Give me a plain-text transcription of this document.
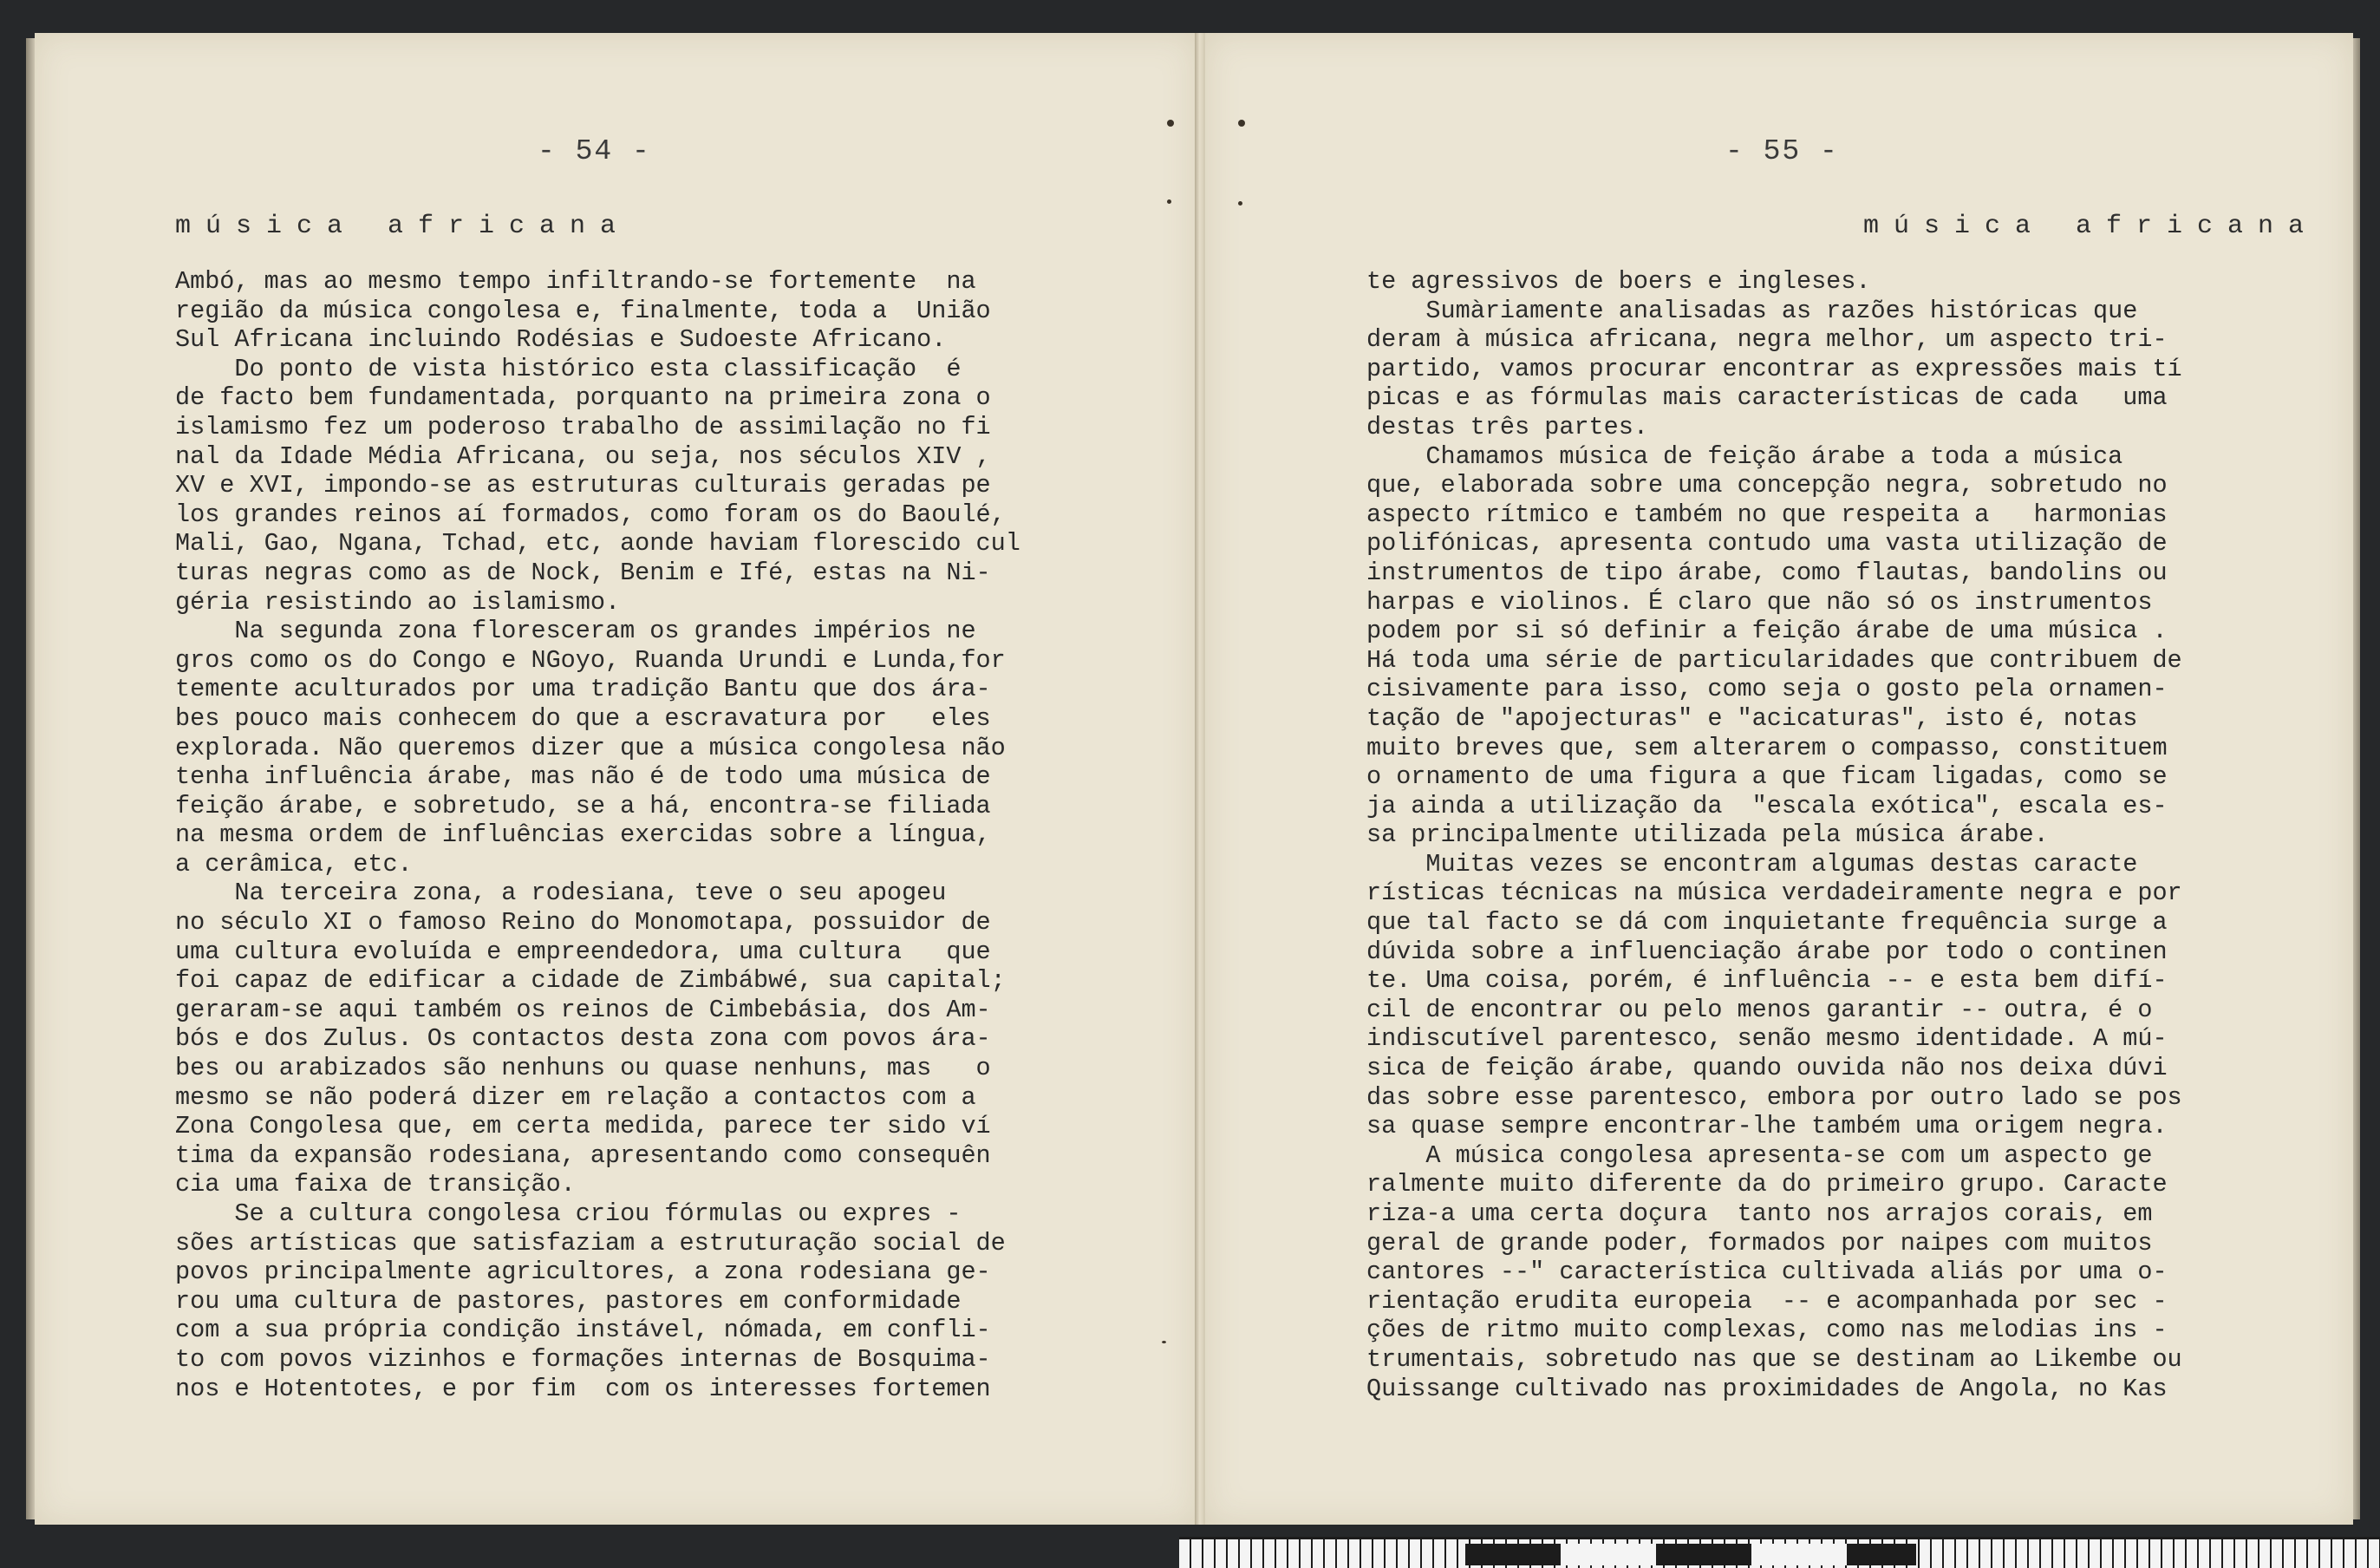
- 54 -
música africana
Ambó, mas ao mesmo tempo infiltrando-se fortemente  na
região da música congolesa e, finalmente, toda a  União
Sul Africana incluindo Rodésias e Sudoeste Africano.
Do ponto de vista histórico esta classificação  é
de facto bem fundamentada, porquanto na primeira zona o
islamismo fez um poderoso trabalho de assimilação no fi
nal da Idade Média Africana, ou seja, nos séculos XIV ,
XV e XVI, impondo-se as estruturas culturais geradas pe
los grandes reinos aí formados, como foram os do Baoulé,
Mali, Gao, Ngana, Tchad, etc, aonde haviam florescido cul
turas negras como as de Nock, Benim e Ifé, estas na Ni-
géria resistindo ao islamismo.
Na segunda zona floresceram os grandes impérios ne
gros como os do Congo e NGoyo, Ruanda Urundi e Lunda,for
temente aculturados por uma tradição Bantu que dos ára-
bes pouco mais conhecem do que a escravatura por   eles
explorada. Não queremos dizer que a música congolesa não
tenha influência árabe, mas não é de todo uma música de
feição árabe, e sobretudo, se a há, encontra-se filiada
na mesma ordem de influências exercidas sobre a língua,
a cerâmica, etc.
Na terceira zona, a rodesiana, teve o seu apogeu
no século XI o famoso Reino do Monomotapa, possuidor de
uma cultura evoluída e empreendedora, uma cultura   que
foi capaz de edificar a cidade de Zimbábwé, sua capital;
geraram-se aqui também os reinos de Cimbebásia, dos Am-
bós e dos Zulus. Os contactos desta zona com povos ára-
bes ou arabizados são nenhuns ou quase nenhuns, mas   o
mesmo se não poderá dizer em relação a contactos com a
Zona Congolesa que, em certa medida, parece ter sido ví
tima da expansão rodesiana, apresentando como consequên
cia uma faixa de transição.
Se a cultura congolesa criou fórmulas ou expres -
sões artísticas que satisfaziam a estruturação social de
povos principalmente agricultores, a zona rodesiana ge-
rou uma cultura de pastores, pastores em conformidade
com a sua própria condição instável, nómada, em confli-
to com povos vizinhos e formações internas de Bosquima-
nos e Hotentotes, e por fim  com os interesses fortemen
- 55 -
música africana
te agressivos de boers e ingleses.
Sumàriamente analisadas as razões históricas que
deram à música africana, negra melhor, um aspecto tri-
partido, vamos procurar encontrar as expressões mais tí
picas e as fórmulas mais características de cada   uma
destas três partes.
Chamamos música de feição árabe a toda a música
que, elaborada sobre uma concepção negra, sobretudo no
aspecto rítmico e também no que respeita a   harmonias
polifónicas, apresenta contudo uma vasta utilização de
instrumentos de tipo árabe, como flautas, bandolins ou
harpas e violinos. É claro que não só os instrumentos
podem por si só definir a feição árabe de uma música .
Há toda uma série de particularidades que contribuem de
cisivamente para isso, como seja o gosto pela ornamen-
tação de "apojecturas" e "acicaturas", isto é, notas
muito breves que, sem alterarem o compasso, constituem
o ornamento de uma figura a que ficam ligadas, como se
ja ainda a utilização da  "escala exótica", escala es-
sa principalmente utilizada pela música árabe.
Muitas vezes se encontram algumas destas caracte
rísticas técnicas na música verdadeiramente negra e por
que tal facto se dá com inquietante frequência surge a
dúvida sobre a influenciação árabe por todo o continen
te. Uma coisa, porém, é influência -- e esta bem difí-
cil de encontrar ou pelo menos garantir -- outra, é o
indiscutível parentesco, senão mesmo identidade. A mú-
sica de feição árabe, quando ouvida não nos deixa dúvi
das sobre esse parentesco, embora por outro lado se pos
sa quase sempre encontrar-lhe também uma origem negra.
A música congolesa apresenta-se com um aspecto ge
ralmente muito diferente da do primeiro grupo. Caracte
riza-a uma certa doçura  tanto nos arrajos corais, em
geral de grande poder, formados por naipes com muitos
cantores --" característica cultivada aliás por uma o-
rientação erudita europeia  -- e acompanhada por sec -
ções de ritmo muito complexas, como nas melodias ins -
trumentais, sobretudo nas que se destinam ao Likembe ou
Quissange cultivado nas proximidades de Angola, no Kas
